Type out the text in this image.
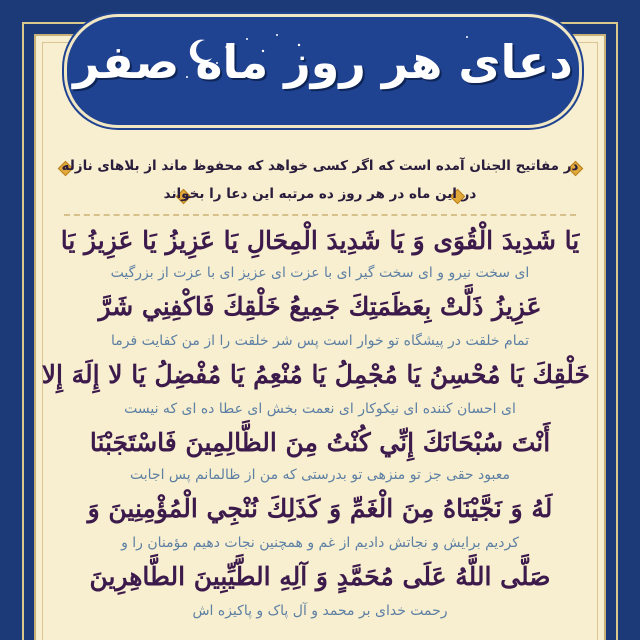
دعای هر روز ماه صفر
در مفاتیح الجنان آمده است که اگر کسی خواهد که محفوظ ماند از بلاهای نازله
در این ماه در هر روز ده مرتبه این دعا را بخواند
يَا شَدِيدَ الْقُوَى وَ يَا شَدِيدَ الْمِحَالِ يَا عَزِيزُ يَا عَزِيزُ يَا
ای سخت نیرو و ای سخت گیر ای با عزت ای عزیز ای با عزت از بزرگیت
عَزِيزُ ذَلَّتْ بِعَظَمَتِكَ جَمِيعُ خَلْقِكَ فَاكْفِنِي شَرَّ
تمام خلقت در پیشگاه تو خوار است پس شر خلقت را از من کفایت فرما
خَلْقِكَ يَا مُحْسِنُ يَا مُجْمِلُ يَا مُنْعِمُ يَا مُفْضِلُ يَا لا إِلَهَ إِلا
ای احسان کننده ای نیکوکار ای نعمت بخش ای عطا ده ای که نیست
أَنْتَ سُبْحَانَكَ إِنِّي كُنْتُ مِنَ الظَّالِمِينَ فَاسْتَجَبْنَا
معبود حقی جز تو منزهی تو بدرستی که من از ظالمانم پس اجابت
لَهُ وَ نَجَّيْنَاهُ مِنَ الْغَمِّ وَ كَذَلِكَ نُنْجِي الْمُؤْمِنِينَ وَ
کردیم برایش و نجاتش دادیم از غم و همچنین نجات دهیم مؤمنان را و
صَلَّى اللَّهُ عَلَى مُحَمَّدٍ وَ آلِهِ الطَّيِّبِينَ الطَّاهِرِينَ
رحمت خدای بر محمد و آل پاک و پاکیزه اش
